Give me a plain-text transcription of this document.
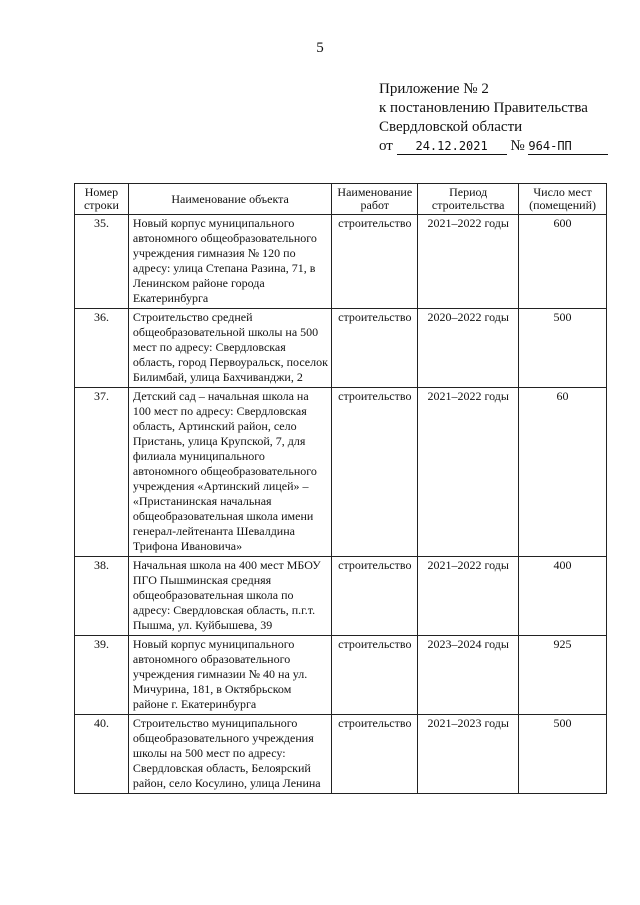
5
Приложение № 2
к постановлению Правительства
Свердловской области
от 24.12.2021 № 964-ПП
Номер строки	Наименование объекта	Наименование работ	Период строительства	Число мест (помещений)
35.	Новый корпус муниципального автономного общеобразовательного учреждения гимназия № 120 по адресу: улица Степана Разина, 71, в Ленинском районе города Екатеринбурга	строительство	2021–2022 годы	600
36.	Строительство средней общеобразовательной школы на 500 мест по адресу: Свердловская область, город Первоуральск, поселок Билимбай, улица Бахчиванджи, 2	строительство	2020–2022 годы	500
37.	Детский сад – начальная школа на 100 мест по адресу: Свердловская область, Артинский район, село Пристань, улица Крупской, 7, для филиала муниципального автономного общеобразовательного учреждения «Артинский лицей» – «Пристанинская начальная общеобразовательная школа имени генерал-лейтенанта Шевалдина Трифона Ивановича»	строительство	2021–2022 годы	60
38.	Начальная школа на 400 мест МБОУ ПГО Пышминская средняя общеобразовательная школа по адресу: Свердловская область, п.г.т. Пышма, ул. Куйбышева, 39	строительство	2021–2022 годы	400
39.	Новый корпус муниципального автономного образовательного учреждения гимназии № 40 на ул. Мичурина, 181, в Октябрьском районе г. Екатеринбурга	строительство	2023–2024 годы	925
40.	Строительство муниципального общеобразовательного учреждения школы на 500 мест по адресу: Свердловская область, Белоярский район, село Косулино, улица Ленина	строительство	2021–2023 годы	500
